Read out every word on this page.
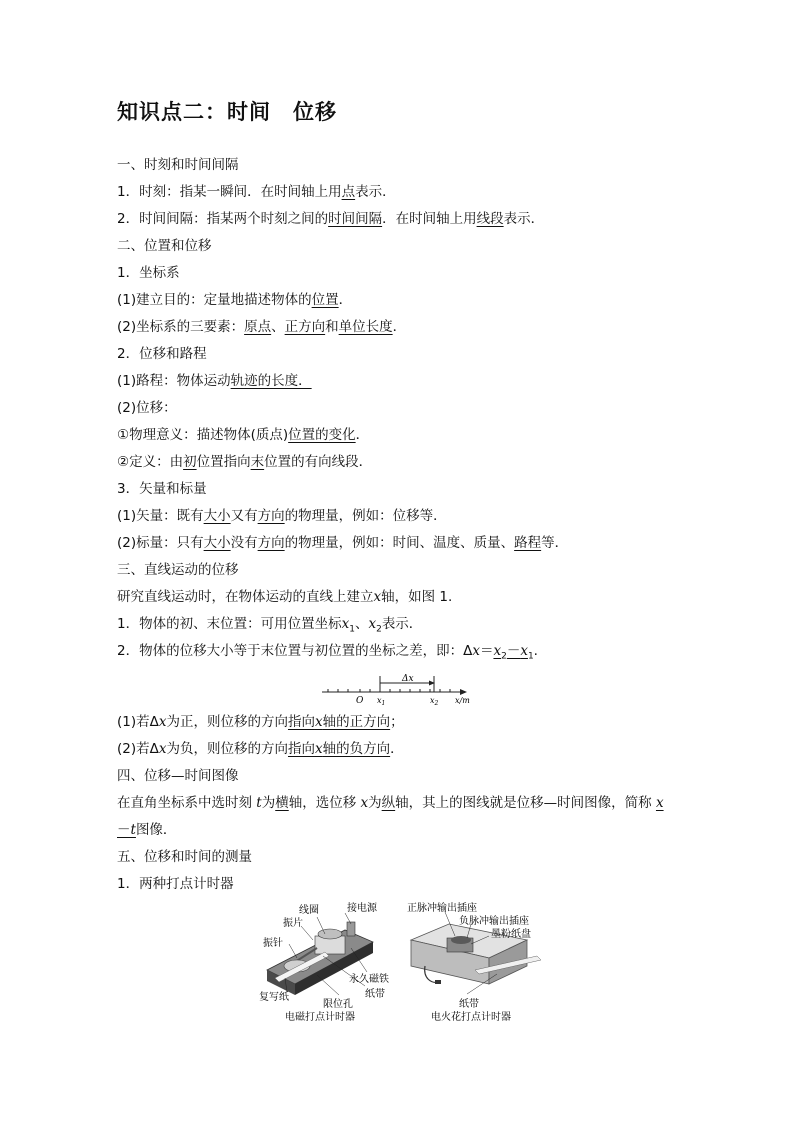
知识点二：时间　位移
一、时刻和时间间隔
1．时刻：指某一瞬间．在时间轴上用点表示．
2．时间间隔：指某两个时刻之间的时间间隔．在时间轴上用线段表示．
二、位置和位移
1．坐标系
(1)建立目的：定量地描述物体的位置．
(2)坐标系的三要素：原点、正方向和单位长度．
2．位移和路程
(1)路程：物体运动轨迹的长度．
(2)位移：
①物理意义：描述物体(质点)位置的变化．
②定义：由初位置指向末位置的有向线段．
3．矢量和标量
(1)矢量：既有大小又有方向的物理量，例如：位移等．
(2)标量：只有大小没有方向的物理量，例如：时间、温度、质量、路程等．
三、直线运动的位移
研究直线运动时，在物体运动的直线上建立x轴，如图 1.
1．物体的初、末位置：可用位置坐标$x_1$、$x_2$表示．
2．物体的位移大小等于末位置与初位置的坐标之差，即：$\Delta x=x_2-x_1$.
Δx
O $x_1$	$x_2$ x/m
(1)若Δx为正，则位移的方向指向x轴的正方向；
(2)若Δx为负，则位移的方向指向x轴的负方向．
四、位移—时间图像
在直角坐标系中选时刻 t为横轴，选位移 x为纵轴，其上的图线就是位移—时间图像，简称 x
－t图像．
五、位移和时间的测量
1．两种打点计时器
线圈	接电源
振片
振针
永久磁铁
纸带
复写纸
限位孔
电磁打点计时器
正脉冲输出插座
负脉冲输出插座
墨粉纸盘
纸带
电火花打点计时器
